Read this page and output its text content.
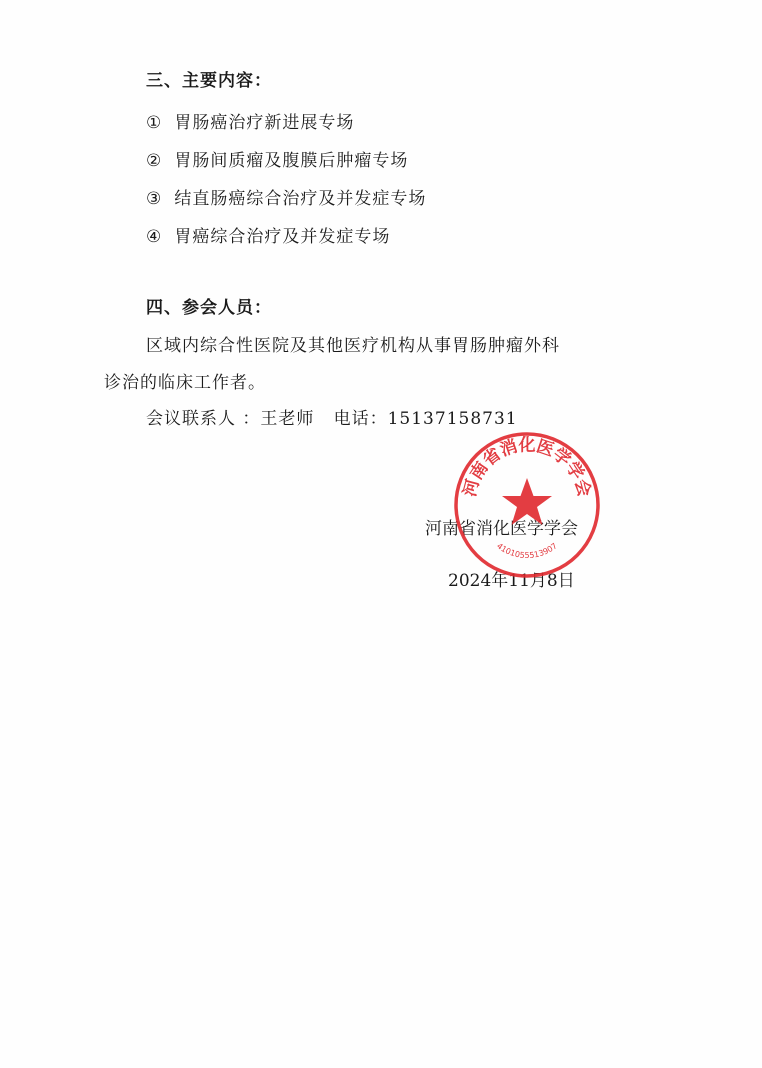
三、主要内容：
① 胃肠癌治疗新进展专场
② 胃肠间质瘤及腹膜后肿瘤专场
③ 结直肠癌综合治疗及并发症专场
④ 胃癌综合治疗及并发症专场
四、参会人员：
区域内综合性医院及其他医疗机构从事胃肠肿瘤外科
诊治的临床工作者。
会议联系人 ：王老师   电话：15137158731
河南省消化医学学会
2024年11月8日
河南省消化医学学会
4101055513907
